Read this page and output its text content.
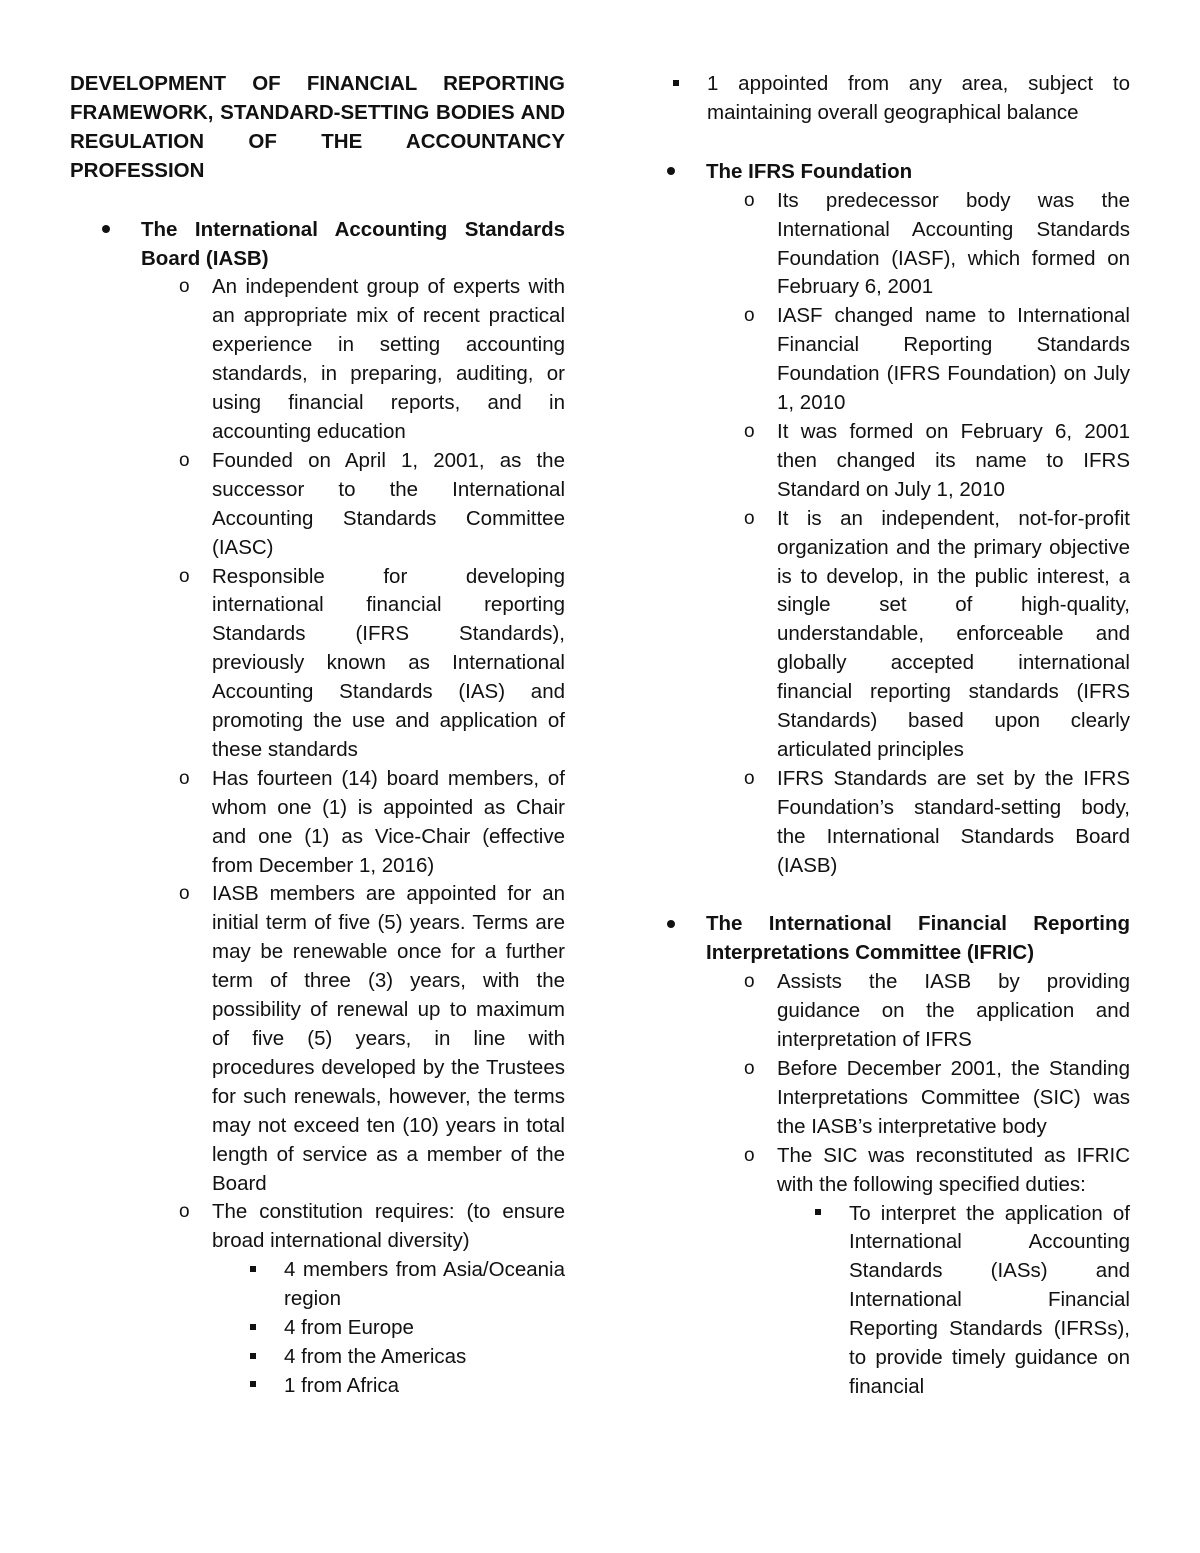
DEVELOPMENT OF FINANCIAL REPORTING FRAMEWORK, STANDARD-SETTING BODIES AND REGULATION OF THE ACCOUNTANCY PROFESSION
The International Accounting Standards Board (IASB)
o An independent group of experts with an appropriate mix of recent practical experience in setting accounting standards, in preparing, auditing, or using financial reports, and in accounting education
o Founded on April 1, 2001, as the successor to the International Accounting Standards Committee (IASC)
o Responsible for developing international financial reporting Standards (IFRS Standards), previously known as International Accounting Standards (IAS) and promoting the use and application of these standards
o Has fourteen (14) board members, of whom one (1) is appointed as Chair and one (1) as Vice-Chair (effective from December 1, 2016)
o IASB members are appointed for an initial term of five (5) years. Terms are may be renewable once for a further term of three (3) years, with the possibility of renewal up to maximum of five (5) years, in line with procedures developed by the Trustees for such renewals, however, the terms may not exceed ten (10) years in total length of service as a member of the Board
o The constitution requires: (to ensure broad international diversity)
4 members from Asia/Oceania region
4 from Europe
4 from the Americas
1 from Africa
1 appointed from any area, subject to maintaining overall geographical balance
The IFRS Foundation
o Its predecessor body was the International Accounting Standards Foundation (IASF), which formed on February 6, 2001
o IASF changed name to International Financial Reporting Standards Foundation (IFRS Foundation) on July 1, 2010
o It was formed on February 6, 2001 then changed its name to IFRS Standard on July 1, 2010
o It is an independent, not-for-profit organization and the primary objective is to develop, in the public interest, a single set of high-quality, understandable, enforceable and globally accepted international financial reporting standards (IFRS Standards) based upon clearly articulated principles
o IFRS Standards are set by the IFRS Foundation’s standard-setting body, the International Standards Board (IASB)
The International Financial Reporting Interpretations Committee (IFRIC)
o Assists the IASB by providing guidance on the application and interpretation of IFRS
o Before December 2001, the Standing Interpretations Committee (SIC) was the IASB’s interpretative body
o The SIC was reconstituted as IFRIC with the following specified duties:
To interpret the application of International Accounting Standards (IASs) and International Financial Reporting Standards (IFRSs), to provide timely guidance on financial
